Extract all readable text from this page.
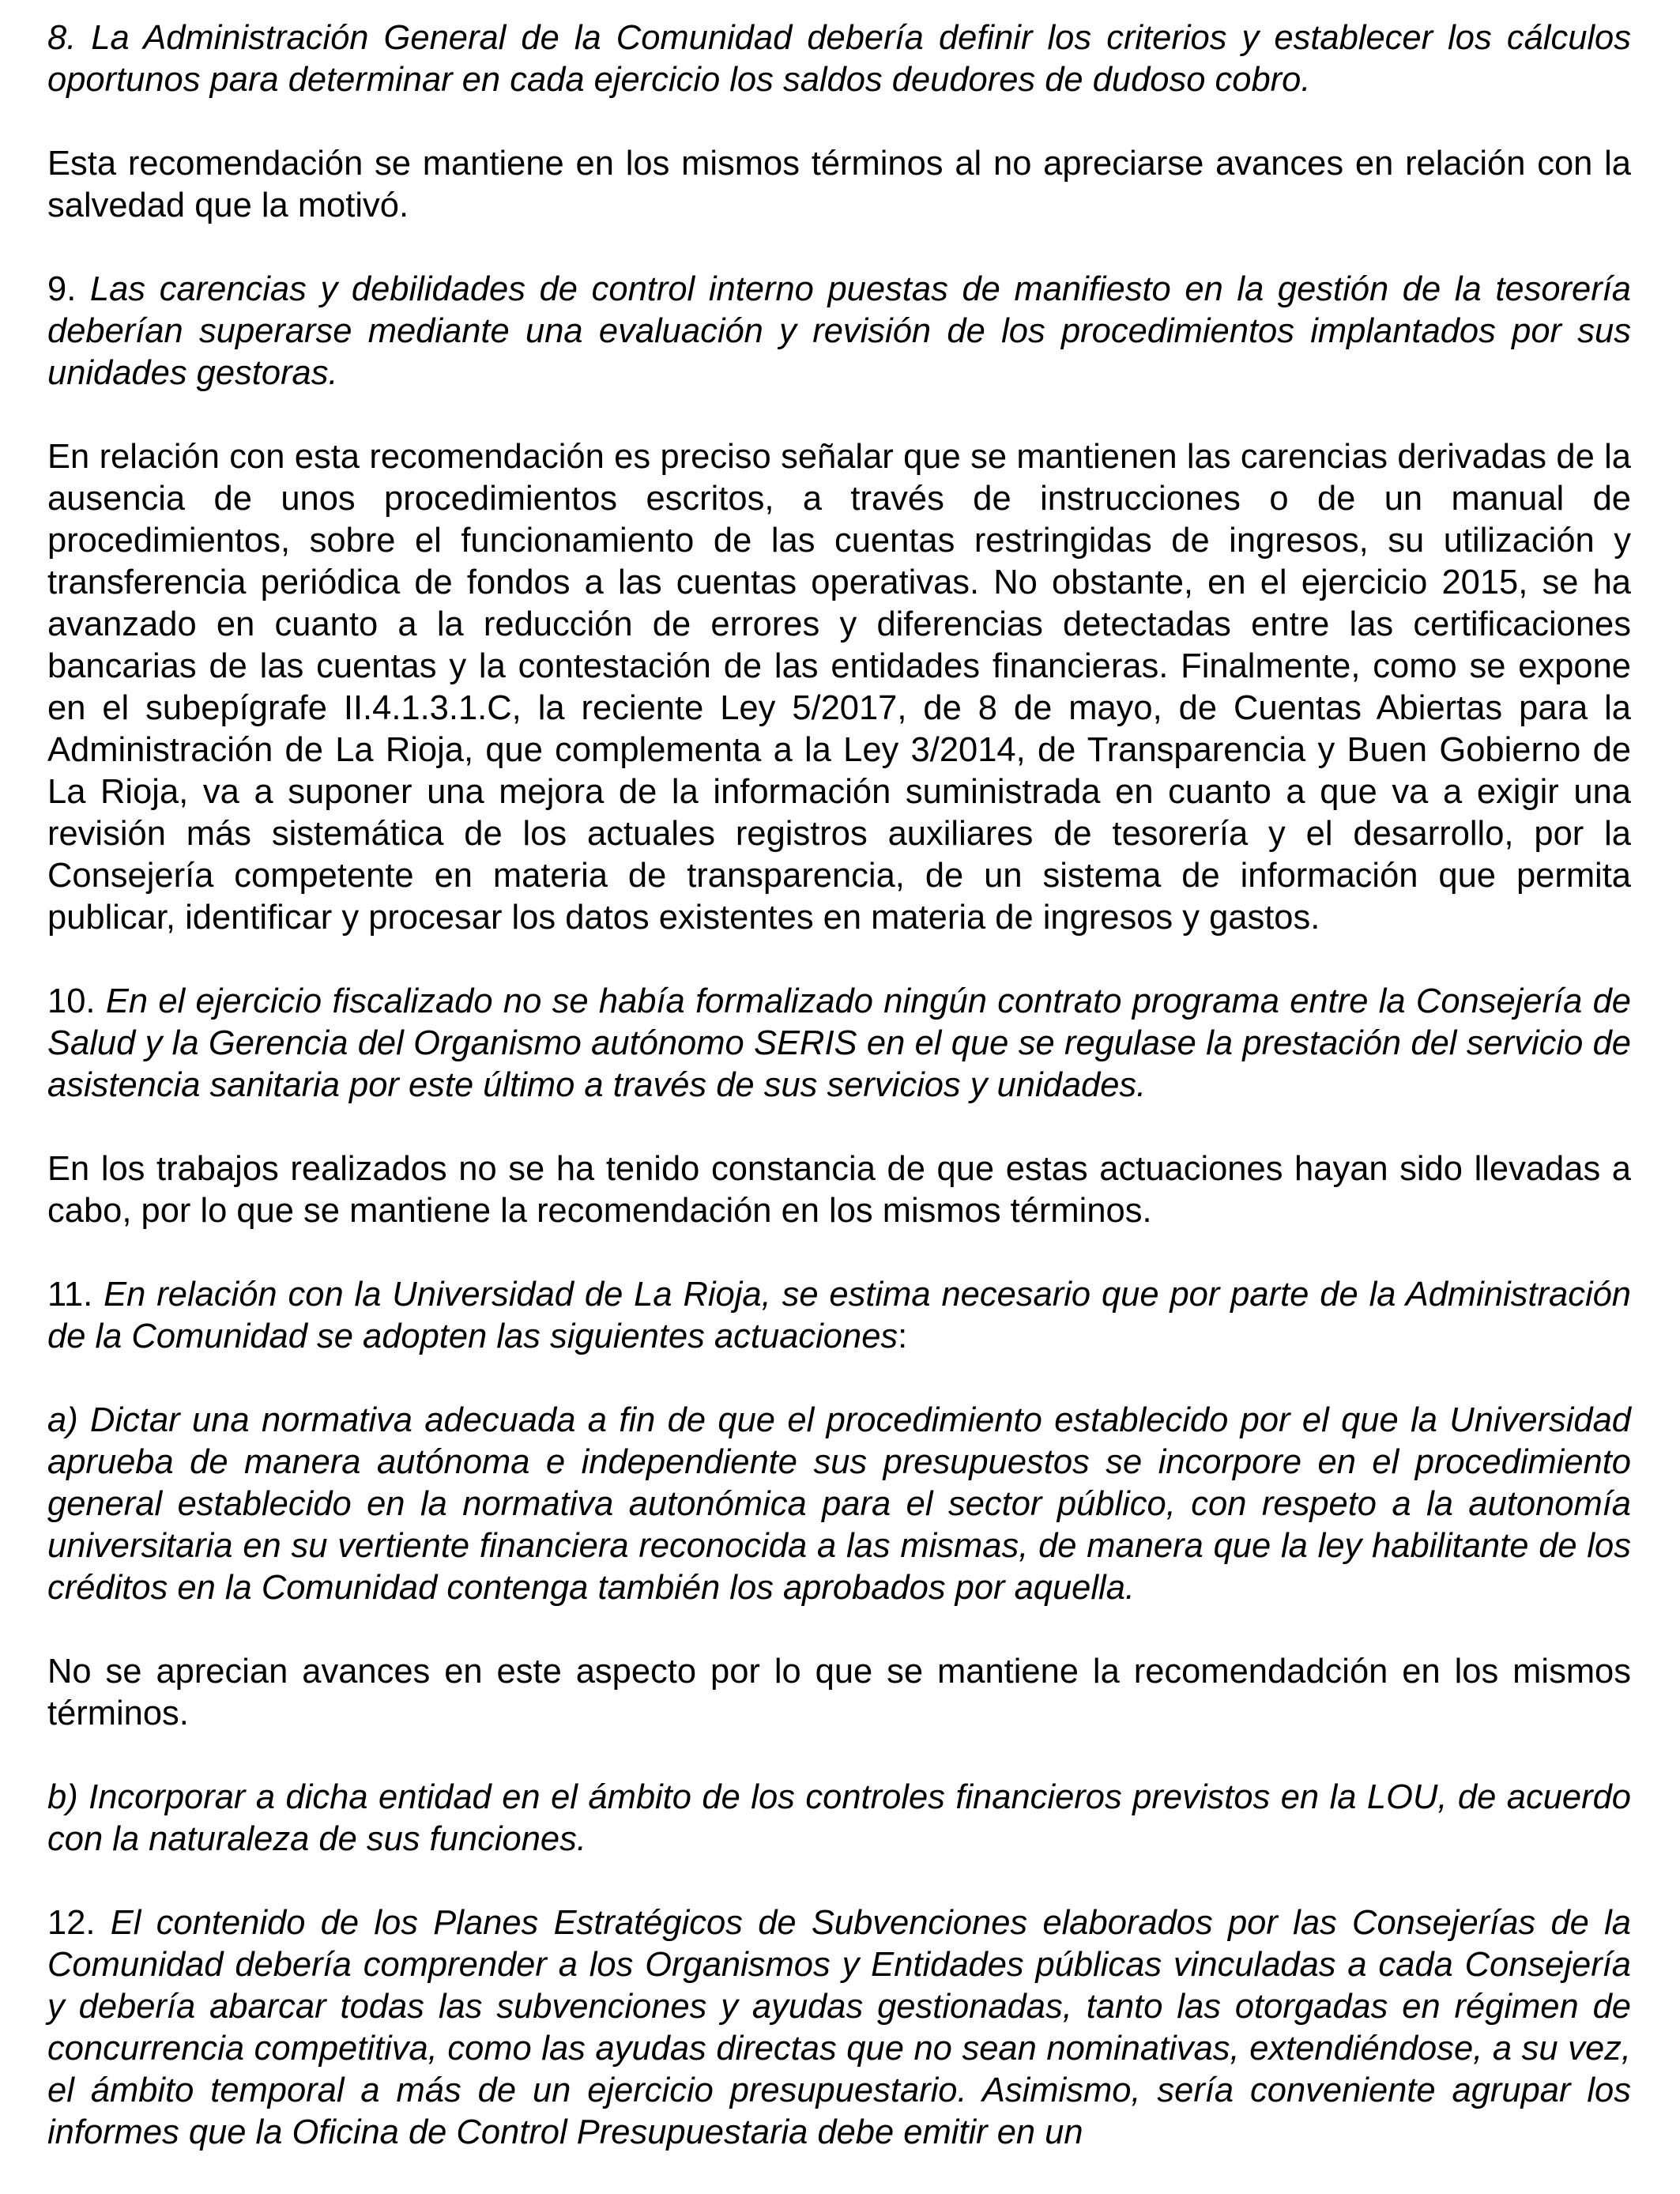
8. La Administración General de la Comunidad debería definir los criterios y establecer los cálculos oportunos para determinar en cada ejercicio los saldos deudores de dudoso cobro.

Esta recomendación se mantiene en los mismos términos al no apreciarse avances en relación con la salvedad que la motivó.

9. Las carencias y debilidades de control interno puestas de manifiesto en la gestión de la tesorería deberían superarse mediante una evaluación y revisión de los procedimientos implantados por sus unidades gestoras.

En relación con esta recomendación es preciso señalar que se mantienen las carencias derivadas de la ausencia de unos procedimientos escritos, a través de instrucciones o de un manual de procedimientos, sobre el funcionamiento de las cuentas restringidas de ingresos, su utilización y transferencia periódica de fondos a las cuentas operativas. No obstante, en el ejercicio 2015, se ha avanzado en cuanto a la reducción de errores y diferencias detectadas entre las certificaciones bancarias de las cuentas y la contestación de las entidades financieras. Finalmente, como se expone en el subepígrafe II.4.1.3.1.C, la reciente Ley 5/2017, de 8 de mayo, de Cuentas Abiertas para la Administración de La Rioja, que complementa a la Ley 3/2014, de Transparencia y Buen Gobierno de La Rioja, va a suponer una mejora de la información suministrada en cuanto a que va a exigir una revisión más sistemática de los actuales registros auxiliares de tesorería y el desarrollo, por la Consejería competente en materia de transparencia, de un sistema de información que permita publicar, identificar y procesar los datos existentes en materia de ingresos y gastos.

10. En el ejercicio fiscalizado no se había formalizado ningún contrato programa entre la Consejería de Salud y la Gerencia del Organismo autónomo SERIS en el que se regulase la prestación del servicio de asistencia sanitaria por este último a través de sus servicios y unidades.

En los trabajos realizados no se ha tenido constancia de que estas actuaciones hayan sido llevadas a cabo, por lo que se mantiene la recomendación en los mismos términos.

11. En relación con la Universidad de La Rioja, se estima necesario que por parte de la Administración de la Comunidad se adopten las siguientes actuaciones:

a) Dictar una normativa adecuada a fin de que el procedimiento establecido por el que la Universidad aprueba de manera autónoma e independiente sus presupuestos se incorpore en el procedimiento general establecido en la normativa autonómica para el sector público, con respeto a la autonomía universitaria en su vertiente financiera reconocida a las mismas, de manera que la ley habilitante de los créditos en la Comunidad contenga también los aprobados por aquella.

No se aprecian avances en este aspecto por lo que se mantiene la recomendadción en los mismos términos.

b) Incorporar a dicha entidad en el ámbito de los controles financieros previstos en la LOU, de acuerdo con la naturaleza de sus funciones.

12. El contenido de los Planes Estratégicos de Subvenciones elaborados por las Consejerías de la Comunidad debería comprender a los Organismos y Entidades públicas vinculadas a cada Consejería y debería abarcar todas las subvenciones y ayudas gestionadas, tanto las otorgadas en régimen de concurrencia competitiva, como las ayudas directas que no sean nominativas, extendiéndose, a su vez, el ámbito temporal a más de un ejercicio presupuestario. Asimismo, sería conveniente agrupar los informes que la Oficina de Control Presupuestaria debe emitir en un
